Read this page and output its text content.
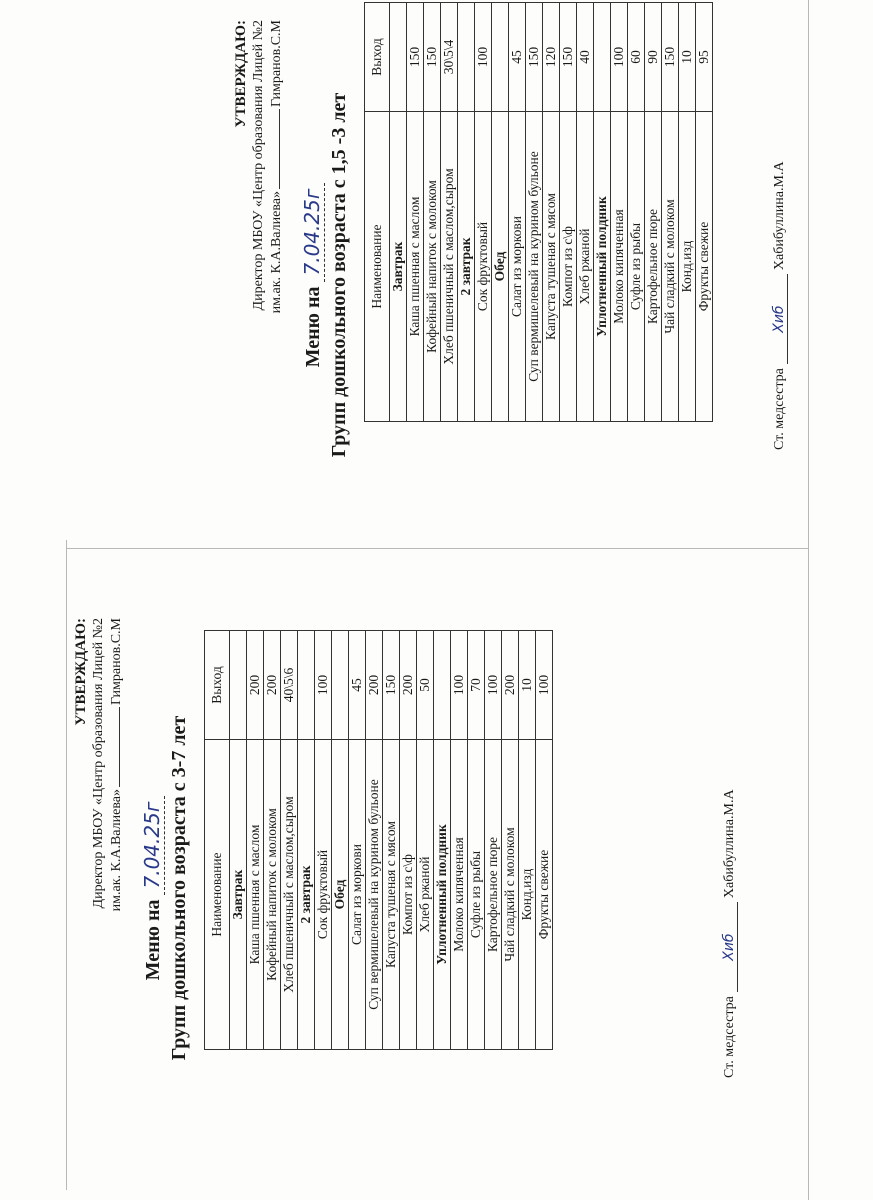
УТВЕРЖДАЮ: Директор МБОУ «Центр образования Лицей №2 им.ак. К.А.Валиева»Гимранов.С.М
Меню на 7.04.25г Групп дошкольного возраста с 3-7 лет Наименование	Выход
Завтрак	
Каша пшенная с маслом	200
Кофейный напиток с молоком	200
Хлеб пшеничный с маслом,сыром	40\5\6
2 завтрак	
Сок фруктовый	100
Обед	
Салат из моркови	45
Суп вермишелевый на курином бульоне	200
Капуста тушеная с мясом	150
Компот из с\ф	200
Хлеб ржаной	50
Уплотненный полдник	
Молоко кипяченная	100
Суфле из рыбы	70
Картофельное пюре	100
Чай сладкий с молоком	200
Конд.изд	10
Фрукты свежие	100
Ст. медсестраХибХабибуллина.М.А
УТВЕРЖДАЮ: Директор МБОУ «Центр образования Лицей №2 им.ак. К.А.Валиева»Гимранов.С.М
Меню на 7.04.25г Групп дошкольного возраста с 1,5 -3 лет Наименование	Выход
Завтрак	
Каша пшенная с маслом	150
Кофейный напиток с молоком	150
Хлеб пшеничный с маслом,сыром	30\5\4
2 завтрак	
Сок фруктовый	100
Обед	
Салат из моркови	45
Суп вермишелевый на курином бульоне	150
Капуста тушеная с мясом	120
Компот из с\ф	150
Хлеб ржаной	40
Уплотненный полдник	
Молоко кипяченная	100
Суфле из рыбы	60
Картофельное пюре	90
Чай сладкий с молоком	150
Конд.изд	10
Фрукты свежие	95
Ст. медсестраХибХабибуллина.М.А
